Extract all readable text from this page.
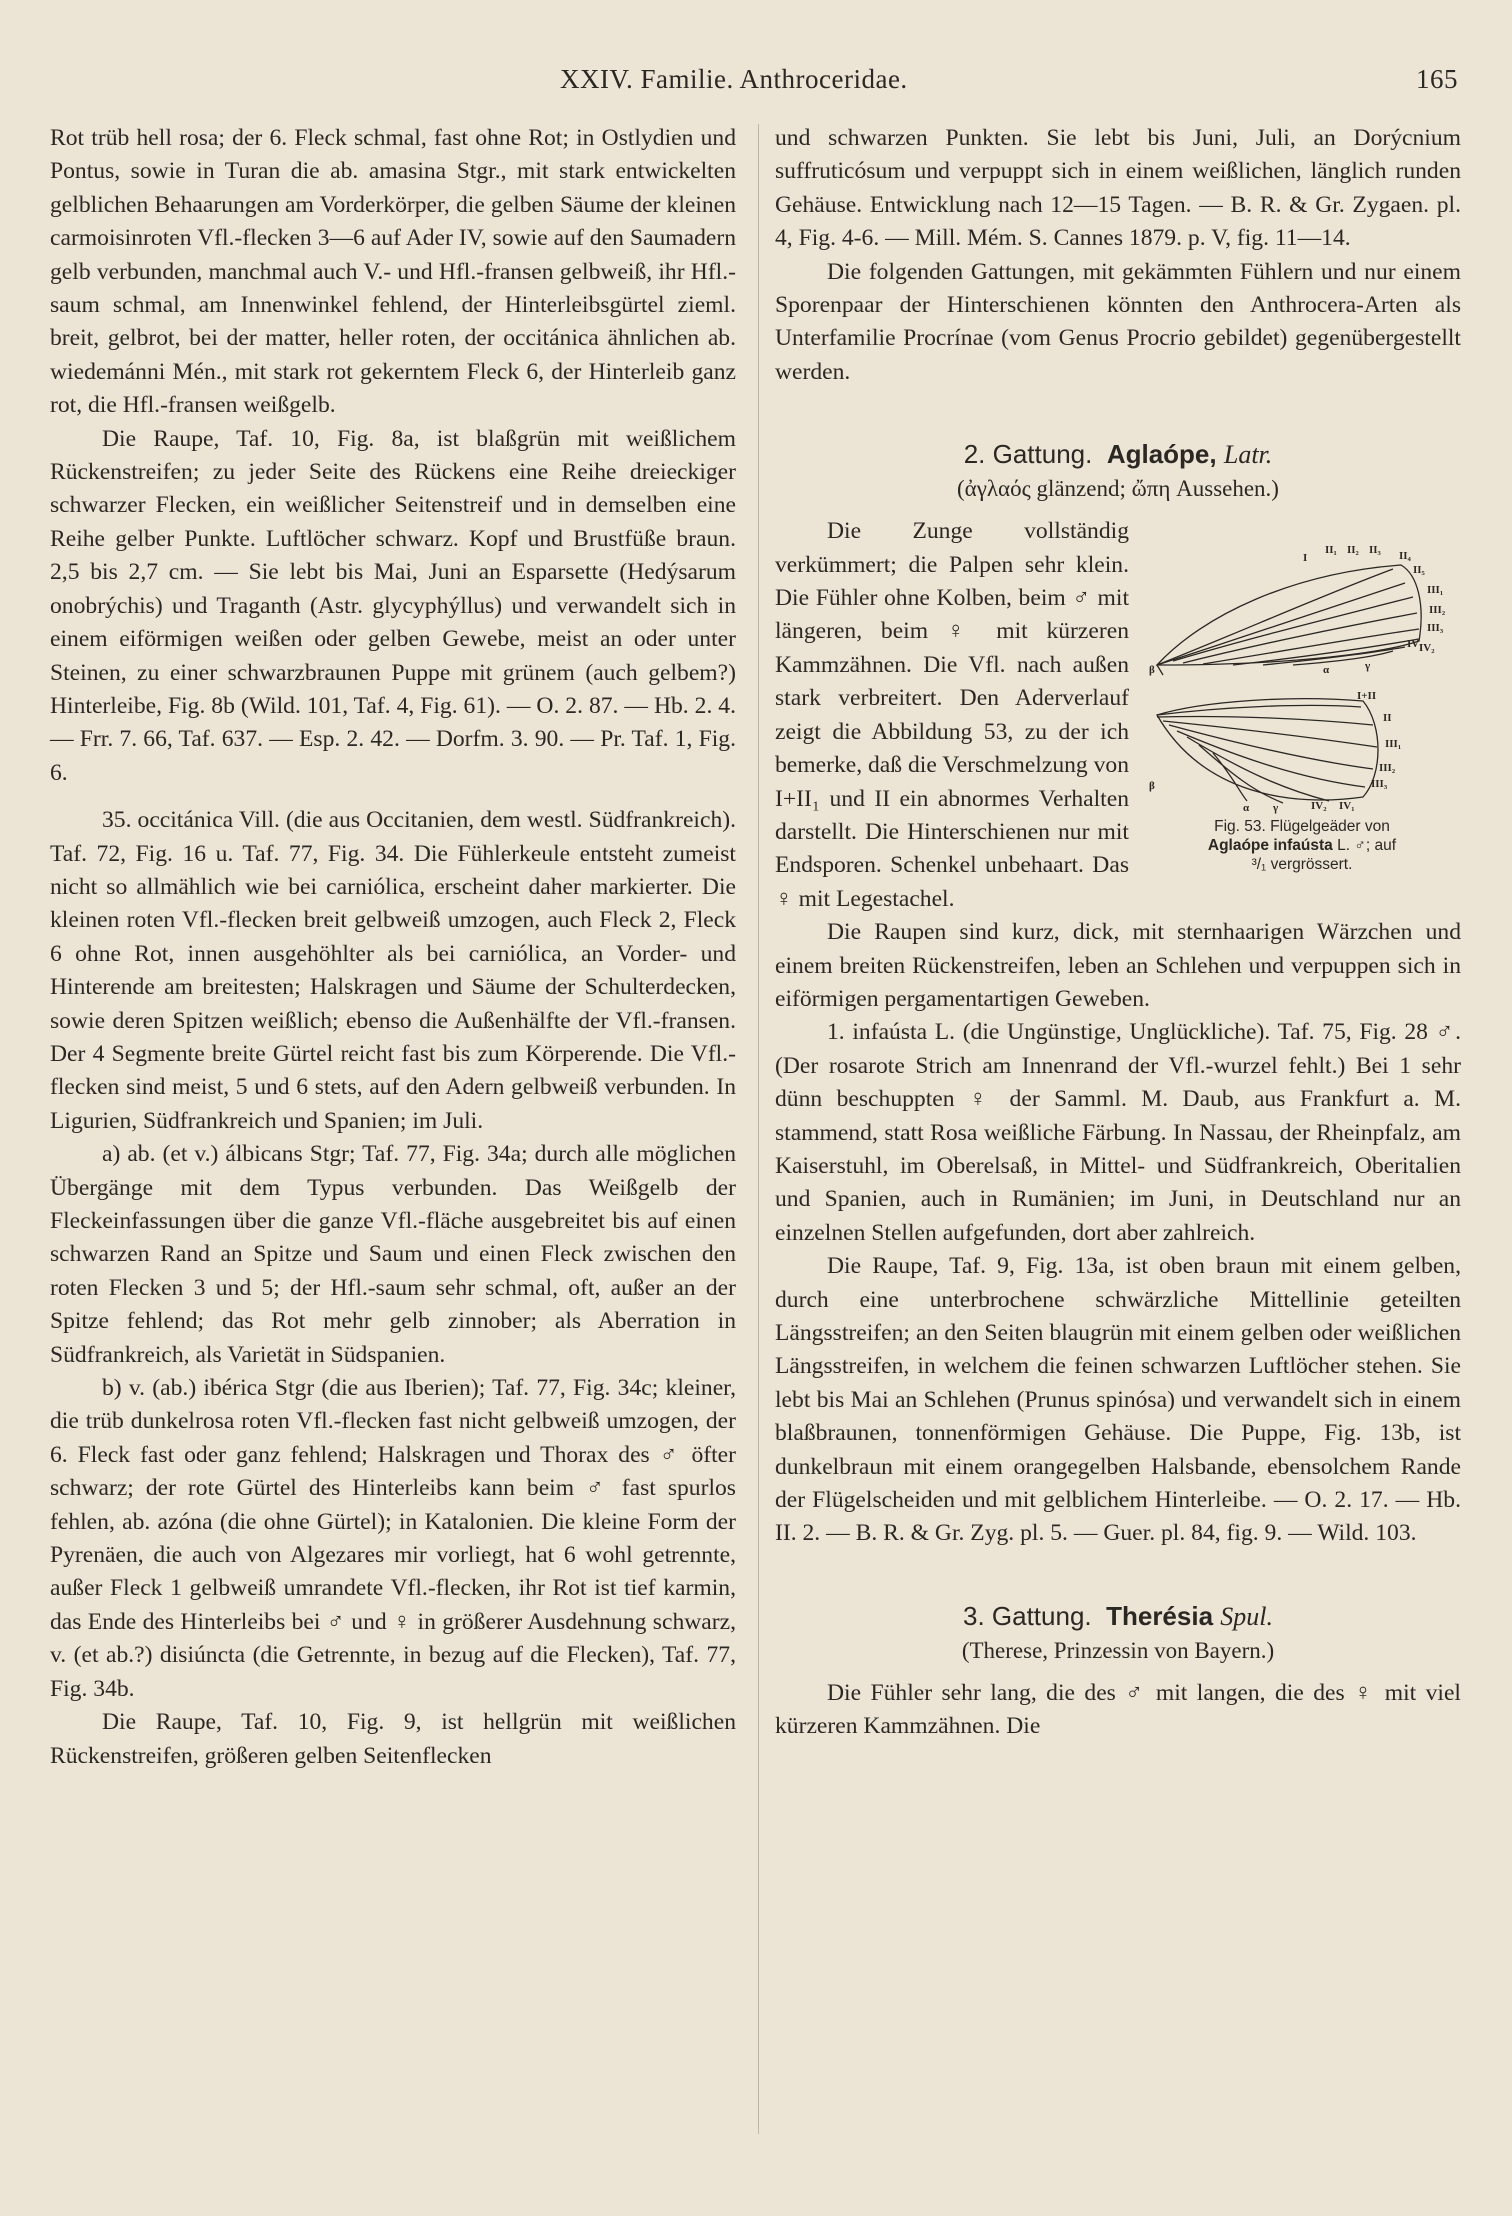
XXIV. Familie. Anthroceridae.	165

Rot trüb hell rosa; der 6. Fleck schmal, fast ohne Rot; in Ostlydien und Pontus, sowie in Turan die ab. amasina Stgr., mit stark entwickelten gelblichen Behaarungen am Vorderkörper, die gelben Säume der kleinen carmoisinroten Vfl.-flecken 3—6 auf Ader IV, sowie auf den Saumadern gelb verbunden, manchmal auch V.- und Hfl.-fransen gelbweiß, ihr Hfl.-saum schmal, am Innenwinkel fehlend, der Hinterleibsgürtel zieml. breit, gelbrot, bei der matter, heller roten, der occitánica ähnlichen ab. wiedemánni Mén., mit stark rot gekerntem Fleck 6, der Hinterleib ganz rot, die Hfl.-fransen weißgelb.

Die Raupe, Taf. 10, Fig. 8a, ist blaßgrün mit weißlichem Rückenstreifen; zu jeder Seite des Rückens eine Reihe dreieckiger schwarzer Flecken, ein weißlicher Seitenstreif und in demselben eine Reihe gelber Punkte. Luftlöcher schwarz. Kopf und Brustfüße braun. 2,5 bis 2,7 cm. — Sie lebt bis Mai, Juni an Esparsette (Hedýsarum onobrýchis) und Traganth (Astr. glycyphýllus) und verwandelt sich in einem eiförmigen weißen oder gelben Gewebe, meist an oder unter Steinen, zu einer schwarzbraunen Puppe mit grünem (auch gelbem?) Hinterleibe, Fig. 8b (Wild. 101, Taf. 4, Fig. 61). — O. 2. 87. — Hb. 2. 4. — Frr. 7. 66, Taf. 637. — Esp. 2. 42. — Dorfm. 3. 90. — Pr. Taf. 1, Fig. 6.

35. occitánica Vill. (die aus Occitanien, dem westl. Südfrankreich). Taf. 72, Fig. 16 u. Taf. 77, Fig. 34. Die Fühlerkeule entsteht zumeist nicht so allmählich wie bei carniólica, erscheint daher markierter. Die kleinen roten Vfl.-flecken breit gelbweiß umzogen, auch Fleck 2, Fleck 6 ohne Rot, innen ausgehöhlter als bei carniólica, an Vorder- und Hinterende am breitesten; Halskragen und Säume der Schulterdecken, sowie deren Spitzen weißlich; ebenso die Außenhälfte der Vfl.-fransen. Der 4 Segmente breite Gürtel reicht fast bis zum Körperende. Die Vfl.-flecken sind meist, 5 und 6 stets, auf den Adern gelbweiß verbunden. In Ligurien, Südfrankreich und Spanien; im Juli.

a) ab. (et v.) álbicans Stgr; Taf. 77, Fig. 34a; durch alle möglichen Übergänge mit dem Typus verbunden. Das Weißgelb der Fleckeinfassungen über die ganze Vfl.-fläche ausgebreitet bis auf einen schwarzen Rand an Spitze und Saum und einen Fleck zwischen den roten Flecken 3 und 5; der Hfl.-saum sehr schmal, oft, außer an der Spitze fehlend; das Rot mehr gelb zinnober; als Aberration in Südfrankreich, als Varietät in Südspanien.

b) v. (ab.) ibérica Stgr (die aus Iberien); Taf. 77, Fig. 34c; kleiner, die trüb dunkelrosa roten Vfl.-flecken fast nicht gelbweiß umzogen, der 6. Fleck fast oder ganz fehlend; Halskragen und Thorax des ♂ öfter schwarz; der rote Gürtel des Hinterleibs kann beim ♂ fast spurlos fehlen, ab. azóna (die ohne Gürtel); in Katalonien. Die kleine Form der Pyrenäen, die auch von Algezares mir vorliegt, hat 6 wohl getrennte, außer Fleck 1 gelbweiß umrandete Vfl.-flecken, ihr Rot ist tief karmin, das Ende des Hinterleibs bei ♂ und ♀ in größerer Ausdehnung schwarz, v. (et ab.?) disiúncta (die Getrennte, in bezug auf die Flecken), Taf. 77, Fig. 34b.

Die Raupe, Taf. 10, Fig. 9, ist hellgrün mit weißlichen Rückenstreifen, größeren gelben Seitenflecken

und schwarzen Punkten. Sie lebt bis Juni, Juli, an Dorýcnium suffruticósum und verpuppt sich in einem weißlichen, länglich runden Gehäuse. Entwicklung nach 12—15 Tagen. — B. R. & Gr. Zygaen. pl. 4, Fig. 4-6. — Mill. Mém. S. Cannes 1879. p. V, fig. 11—14.

Die folgenden Gattungen, mit gekämmten Fühlern und nur einem Sporenpaar der Hinterschienen könnten den Anthrocera-Arten als Unterfamilie Procrínae (vom Genus Procrio gebildet) gegenübergestellt werden.

2. Gattung. Aglaópe, Latr.
(ἀγλαός glänzend; ὤπη Aussehen.)
I
II₁ II₂ II₃ II₄
II₅
III₁
III₂
III₃
IV₁
IV₂
β	α	γ
I+II
II
III₁
III₂
III₃
IV₁
IV₂
β
α γ
Fig. 53. Flügelgeäder von
Aglaópe infaústa L. ♂; auf
³/₁ vergrössert.

Die Zunge vollständig verkümmert; die Palpen sehr klein. Die Fühler ohne Kolben, beim ♂ mit längeren, beim ♀ mit kürzeren Kammzähnen. Die Vfl. nach außen stark verbreitert. Den Aderverlauf zeigt die Abbildung 53, zu der ich bemerke, daß die Verschmelzung von I+II₁ und II ein abnormes Verhalten darstellt. Die Hinterschienen nur mit Endsporen. Schenkel unbehaart. Das ♀ mit Legestachel.

Die Raupen sind kurz, dick, mit sternhaarigen Wärzchen und einem breiten Rückenstreifen, leben an Schlehen und verpuppen sich in eiförmigen pergamentartigen Geweben.

1. infaústa L. (die Ungünstige, Unglückliche). Taf. 75, Fig. 28 ♂. (Der rosarote Strich am Innenrand der Vfl.-wurzel fehlt.) Bei 1 sehr dünn beschuppten ♀ der Samml. M. Daub, aus Frankfurt a. M. stammend, statt Rosa weißliche Färbung. In Nassau, der Rheinpfalz, am Kaiserstuhl, im Oberelsaß, in Mittel- und Südfrankreich, Oberitalien und Spanien, auch in Rumänien; im Juni, in Deutschland nur an einzelnen Stellen aufgefunden, dort aber zahlreich.

Die Raupe, Taf. 9, Fig. 13a, ist oben braun mit einem gelben, durch eine unterbrochene schwärzliche Mittellinie geteilten Längsstreifen; an den Seiten blaugrün mit einem gelben oder weißlichen Längsstreifen, in welchem die feinen schwarzen Luftlöcher stehen. Sie lebt bis Mai an Schlehen (Prunus spinósa) und verwandelt sich in einem blaßbraunen, tonnenförmigen Gehäuse. Die Puppe, Fig. 13b, ist dunkelbraun mit einem orangegelben Halsbande, ebensolchem Rande der Flügelscheiden und mit gelblichem Hinterleibe. — O. 2. 17. — Hb. II. 2. — B. R. & Gr. Zyg. pl. 5. — Guer. pl. 84, fig. 9. — Wild. 103.

3. Gattung. Therésia Spul.
(Therese, Prinzessin von Bayern.)

Die Fühler sehr lang, die des ♂ mit langen, die des ♀ mit viel kürzeren Kammzähnen. Die
